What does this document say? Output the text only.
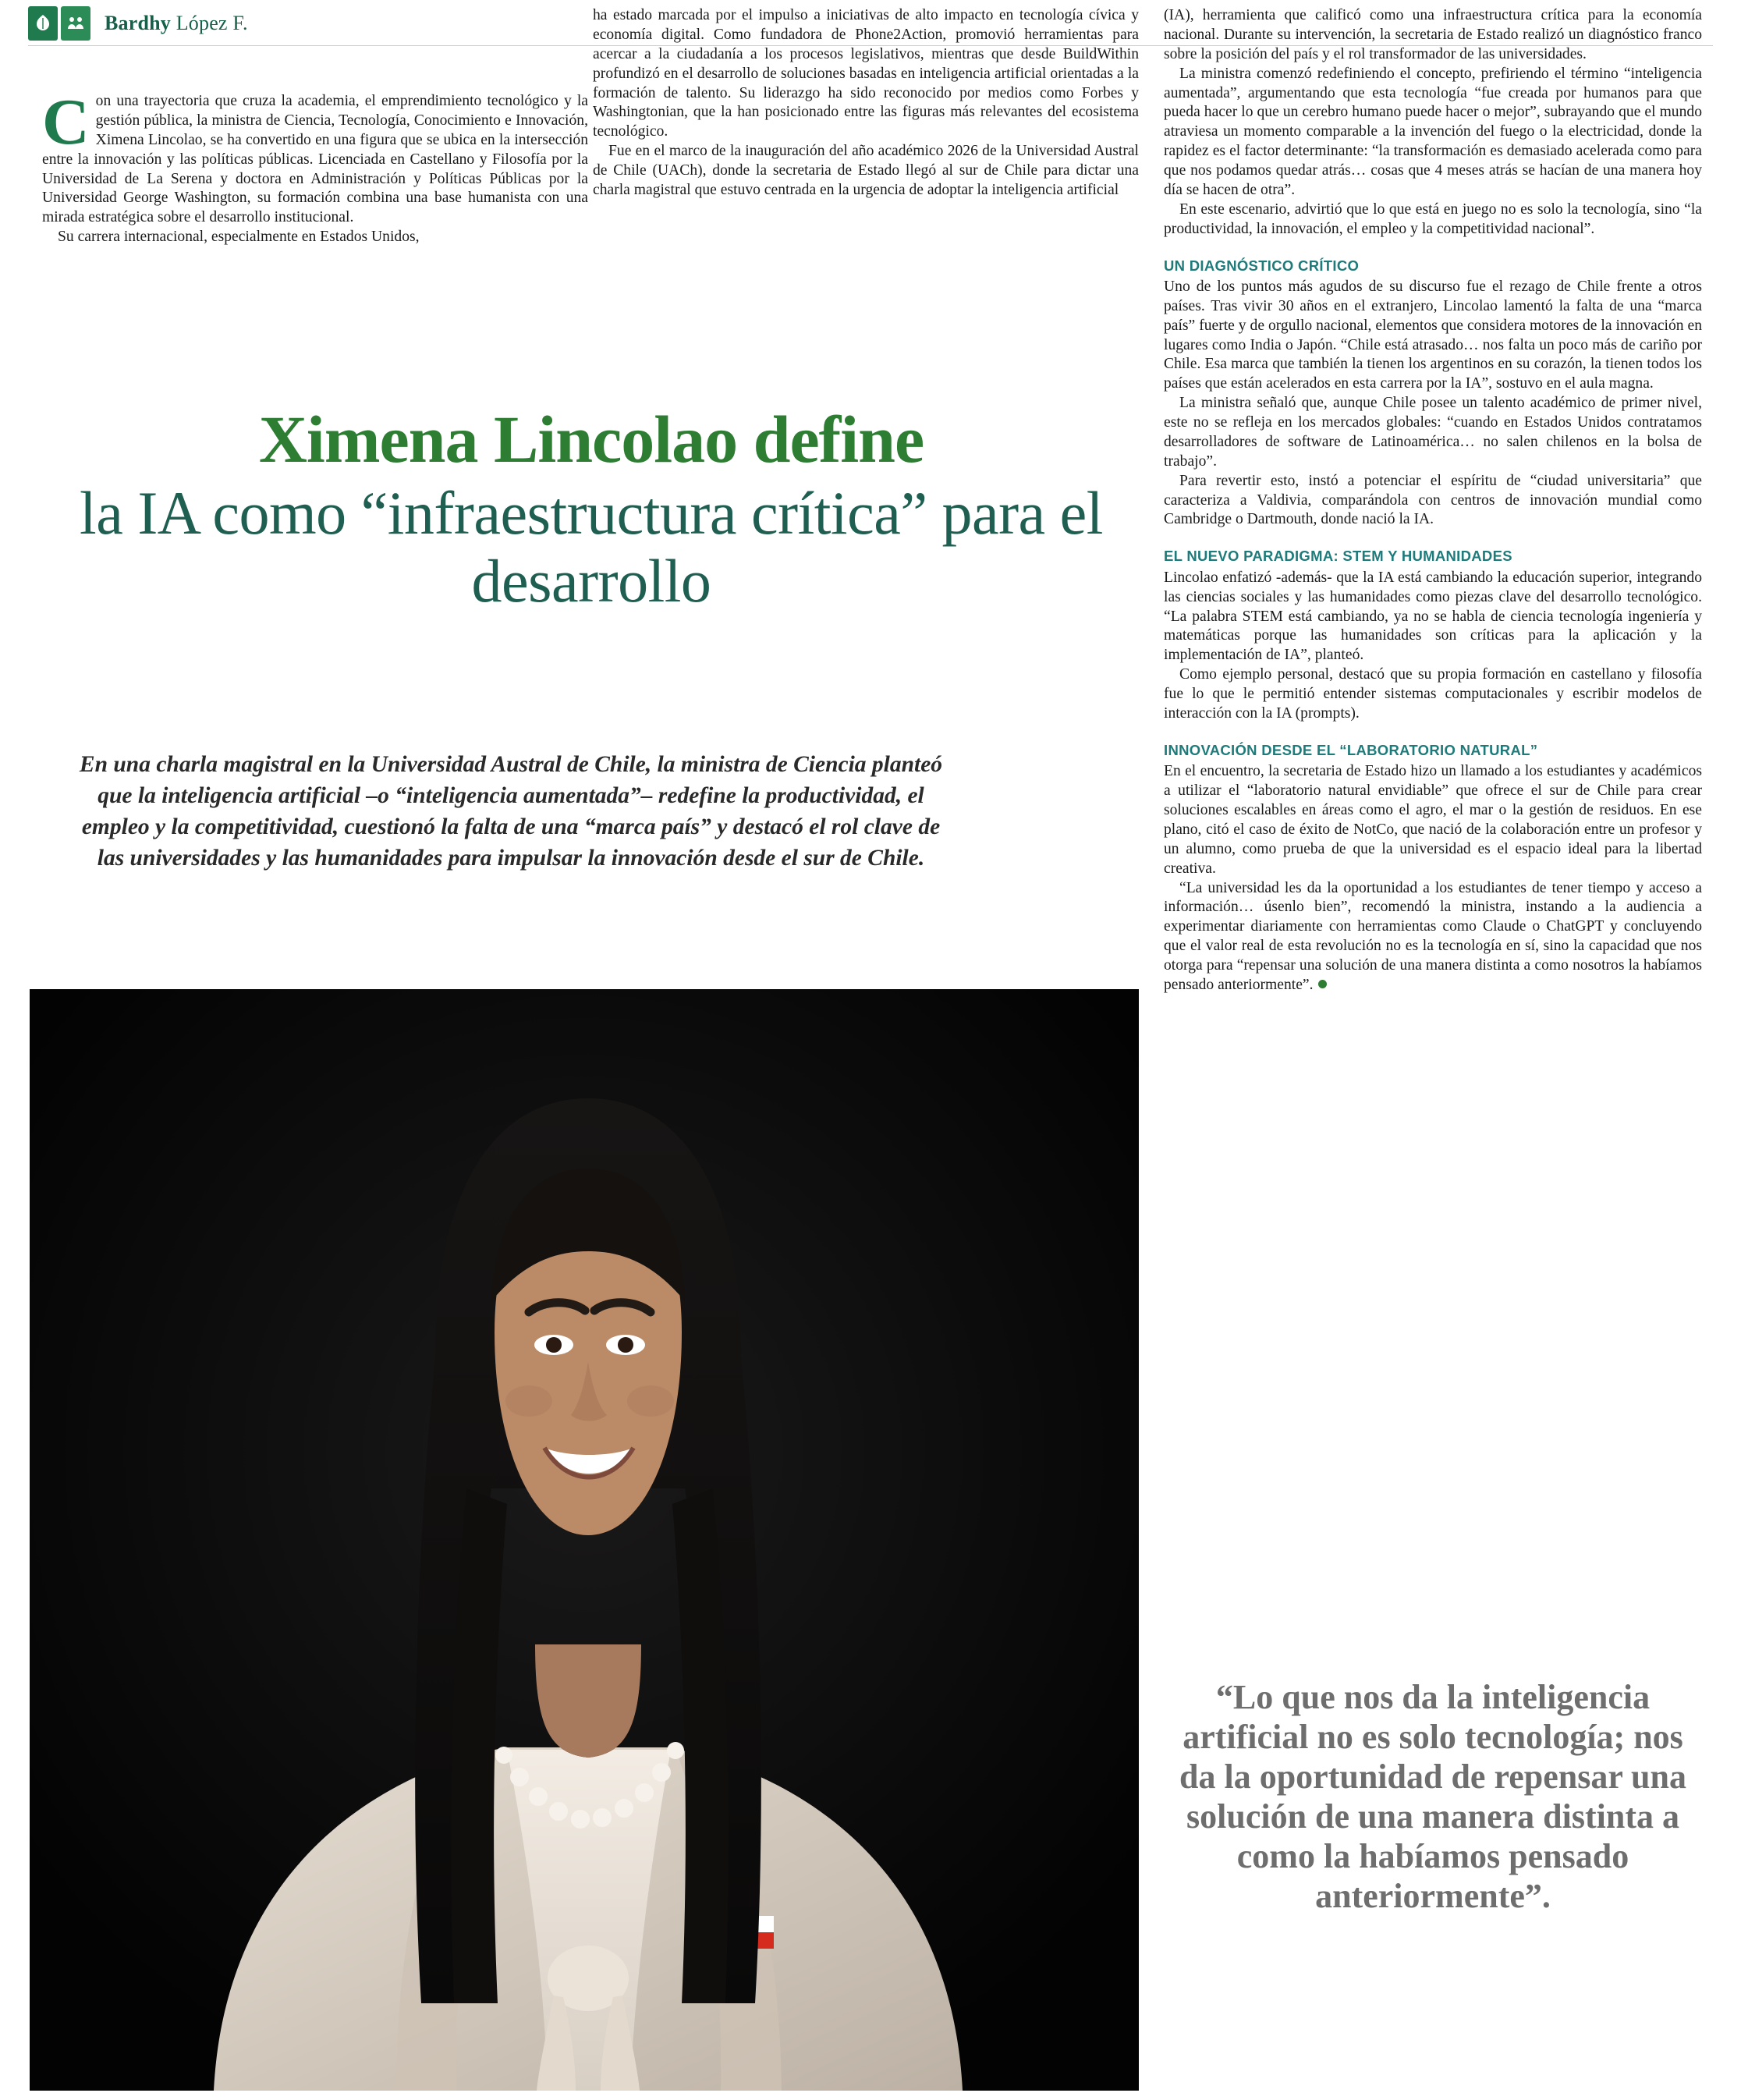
Bardhy López F.

Con una trayectoria que cruza la academia, el emprendimiento tecnológico y la gestión pública, la ministra de Ciencia, Tecnología, Conocimiento e Innovación, Ximena Lincolao, se ha convertido en una figura que se ubica en la intersección entre la innovación y las políticas públicas. Licenciada en Castellano y Filosofía por la Universidad de La Serena y doctora en Administración y Políticas Públicas por la Universidad George Washington, su formación combina una base humanista con una mirada estratégica sobre el desarrollo institucional.

Su carrera internacional, especialmente en Estados Unidos,

ha estado marcada por el impulso a iniciativas de alto impacto en tecnología cívica y economía digital. Como fundadora de Phone2Action, promovió herramientas para acercar a la ciudadanía a los procesos legislativos, mientras que desde BuildWithin profundizó en el desarrollo de soluciones basadas en inteligencia artificial orientadas a la formación de talento. Su liderazgo ha sido reconocido por medios como Forbes y Washingtonian, que la han posicionado entre las figuras más relevantes del ecosistema tecnológico.

Fue en el marco de la inauguración del año académico 2026 de la Universidad Austral de Chile (UACh), donde la secretaria de Estado llegó al sur de Chile para dictar una charla magistral que estuvo centrada en la urgencia de adoptar la inteligencia artificial

(IA), herramienta que calificó como una infraestructura crítica para la economía nacional. Durante su intervención, la secretaria de Estado realizó un diagnóstico franco sobre la posición del país y el rol transformador de las universidades.

La ministra comenzó redefiniendo el concepto, prefiriendo el término “inteligencia aumentada”, argumentando que esta tecnología “fue creada por humanos para que pueda hacer lo que un cerebro humano puede hacer o mejor”, subrayando que el mundo atraviesa un momento comparable a la invención del fuego o la electricidad, donde la rapidez es el factor determinante: “la transformación es demasiado acelerada como para que nos podamos quedar atrás… cosas que 4 meses atrás se hacían de una manera hoy día se hacen de otra”.

En este escenario, advirtió que lo que está en juego no es solo la tecnología, sino “la productividad, la innovación, el empleo y la competitividad nacional”.

UN DIAGNÓSTICO CRÍTICO

Uno de los puntos más agudos de su discurso fue el rezago de Chile frente a otros países. Tras vivir 30 años en el extranjero, Lincolao lamentó la falta de una “marca país” fuerte y de orgullo nacional, elementos que considera motores de la innovación en lugares como India o Japón. “Chile está atrasado… nos falta un poco más de cariño por Chile. Esa marca que también la tienen los argentinos en su corazón, la tienen todos los países que están acelerados en esta carrera por la IA”, sostuvo en el aula magna.

La ministra señaló que, aunque Chile posee un talento académico de primer nivel, este no se refleja en los mercados globales: “cuando en Estados Unidos contratamos desarrolladores de software de Latinoamérica… no salen chilenos en la bolsa de trabajo”.

Para revertir esto, instó a potenciar el espíritu de “ciudad universitaria” que caracteriza a Valdivia, comparándola con centros de innovación mundial como Cambridge o Dartmouth, donde nació la IA.

EL NUEVO PARADIGMA: STEM Y HUMANIDADES

Lincolao enfatizó -además- que la IA está cambiando la educación superior, integrando las ciencias sociales y las humanidades como piezas clave del desarrollo tecnológico. “La palabra STEM está cambiando, ya no se habla de ciencia tecnología ingeniería y matemáticas porque las humanidades son críticas para la aplicación y la implementación de IA”, planteó.

Como ejemplo personal, destacó que su propia formación en castellano y filosofía fue lo que le permitió entender sistemas computacionales y escribir modelos de interacción con la IA (prompts).

INNOVACIÓN DESDE EL “LABORATORIO NATURAL”

En el encuentro, la secretaria de Estado hizo un llamado a los estudiantes y académicos a utilizar el “laboratorio natural envidiable” que ofrece el sur de Chile para crear soluciones escalables en áreas como el agro, el mar o la gestión de residuos. En ese plano, citó el caso de éxito de NotCo, que nació de la colaboración entre un profesor y un alumno, como prueba de que la universidad es el espacio ideal para la libertad creativa.

“La universidad les da la oportunidad a los estudiantes de tener tiempo y acceso a información… úsenlo bien”, recomendó la ministra, instando a la audiencia a experimentar diariamente con herramientas como Claude o ChatGPT y concluyendo que el valor real de esta revolución no es la tecnología en sí, sino la capacidad que nos otorga para “repensar una solución de una manera distinta a como nosotros la habíamos pensado anteriormente”.

Ximena Lincolao define
la IA como “infraestructura crítica” para el desarrollo
En una charla magistral en la Universidad Austral de Chile, la ministra de Ciencia planteó que la inteligencia artificial –o “inteligencia aumentada”– redefine la productividad, el empleo y la competitividad, cuestionó la falta de una “marca país” y destacó el rol clave de las universidades y las humanidades para impulsar la innovación desde el sur de Chile.
“Lo que nos da la inteligencia artificial no es solo tecnología; nos da la oportunidad de repensar una solución de una manera distinta a como la habíamos pensado anteriormente”.
